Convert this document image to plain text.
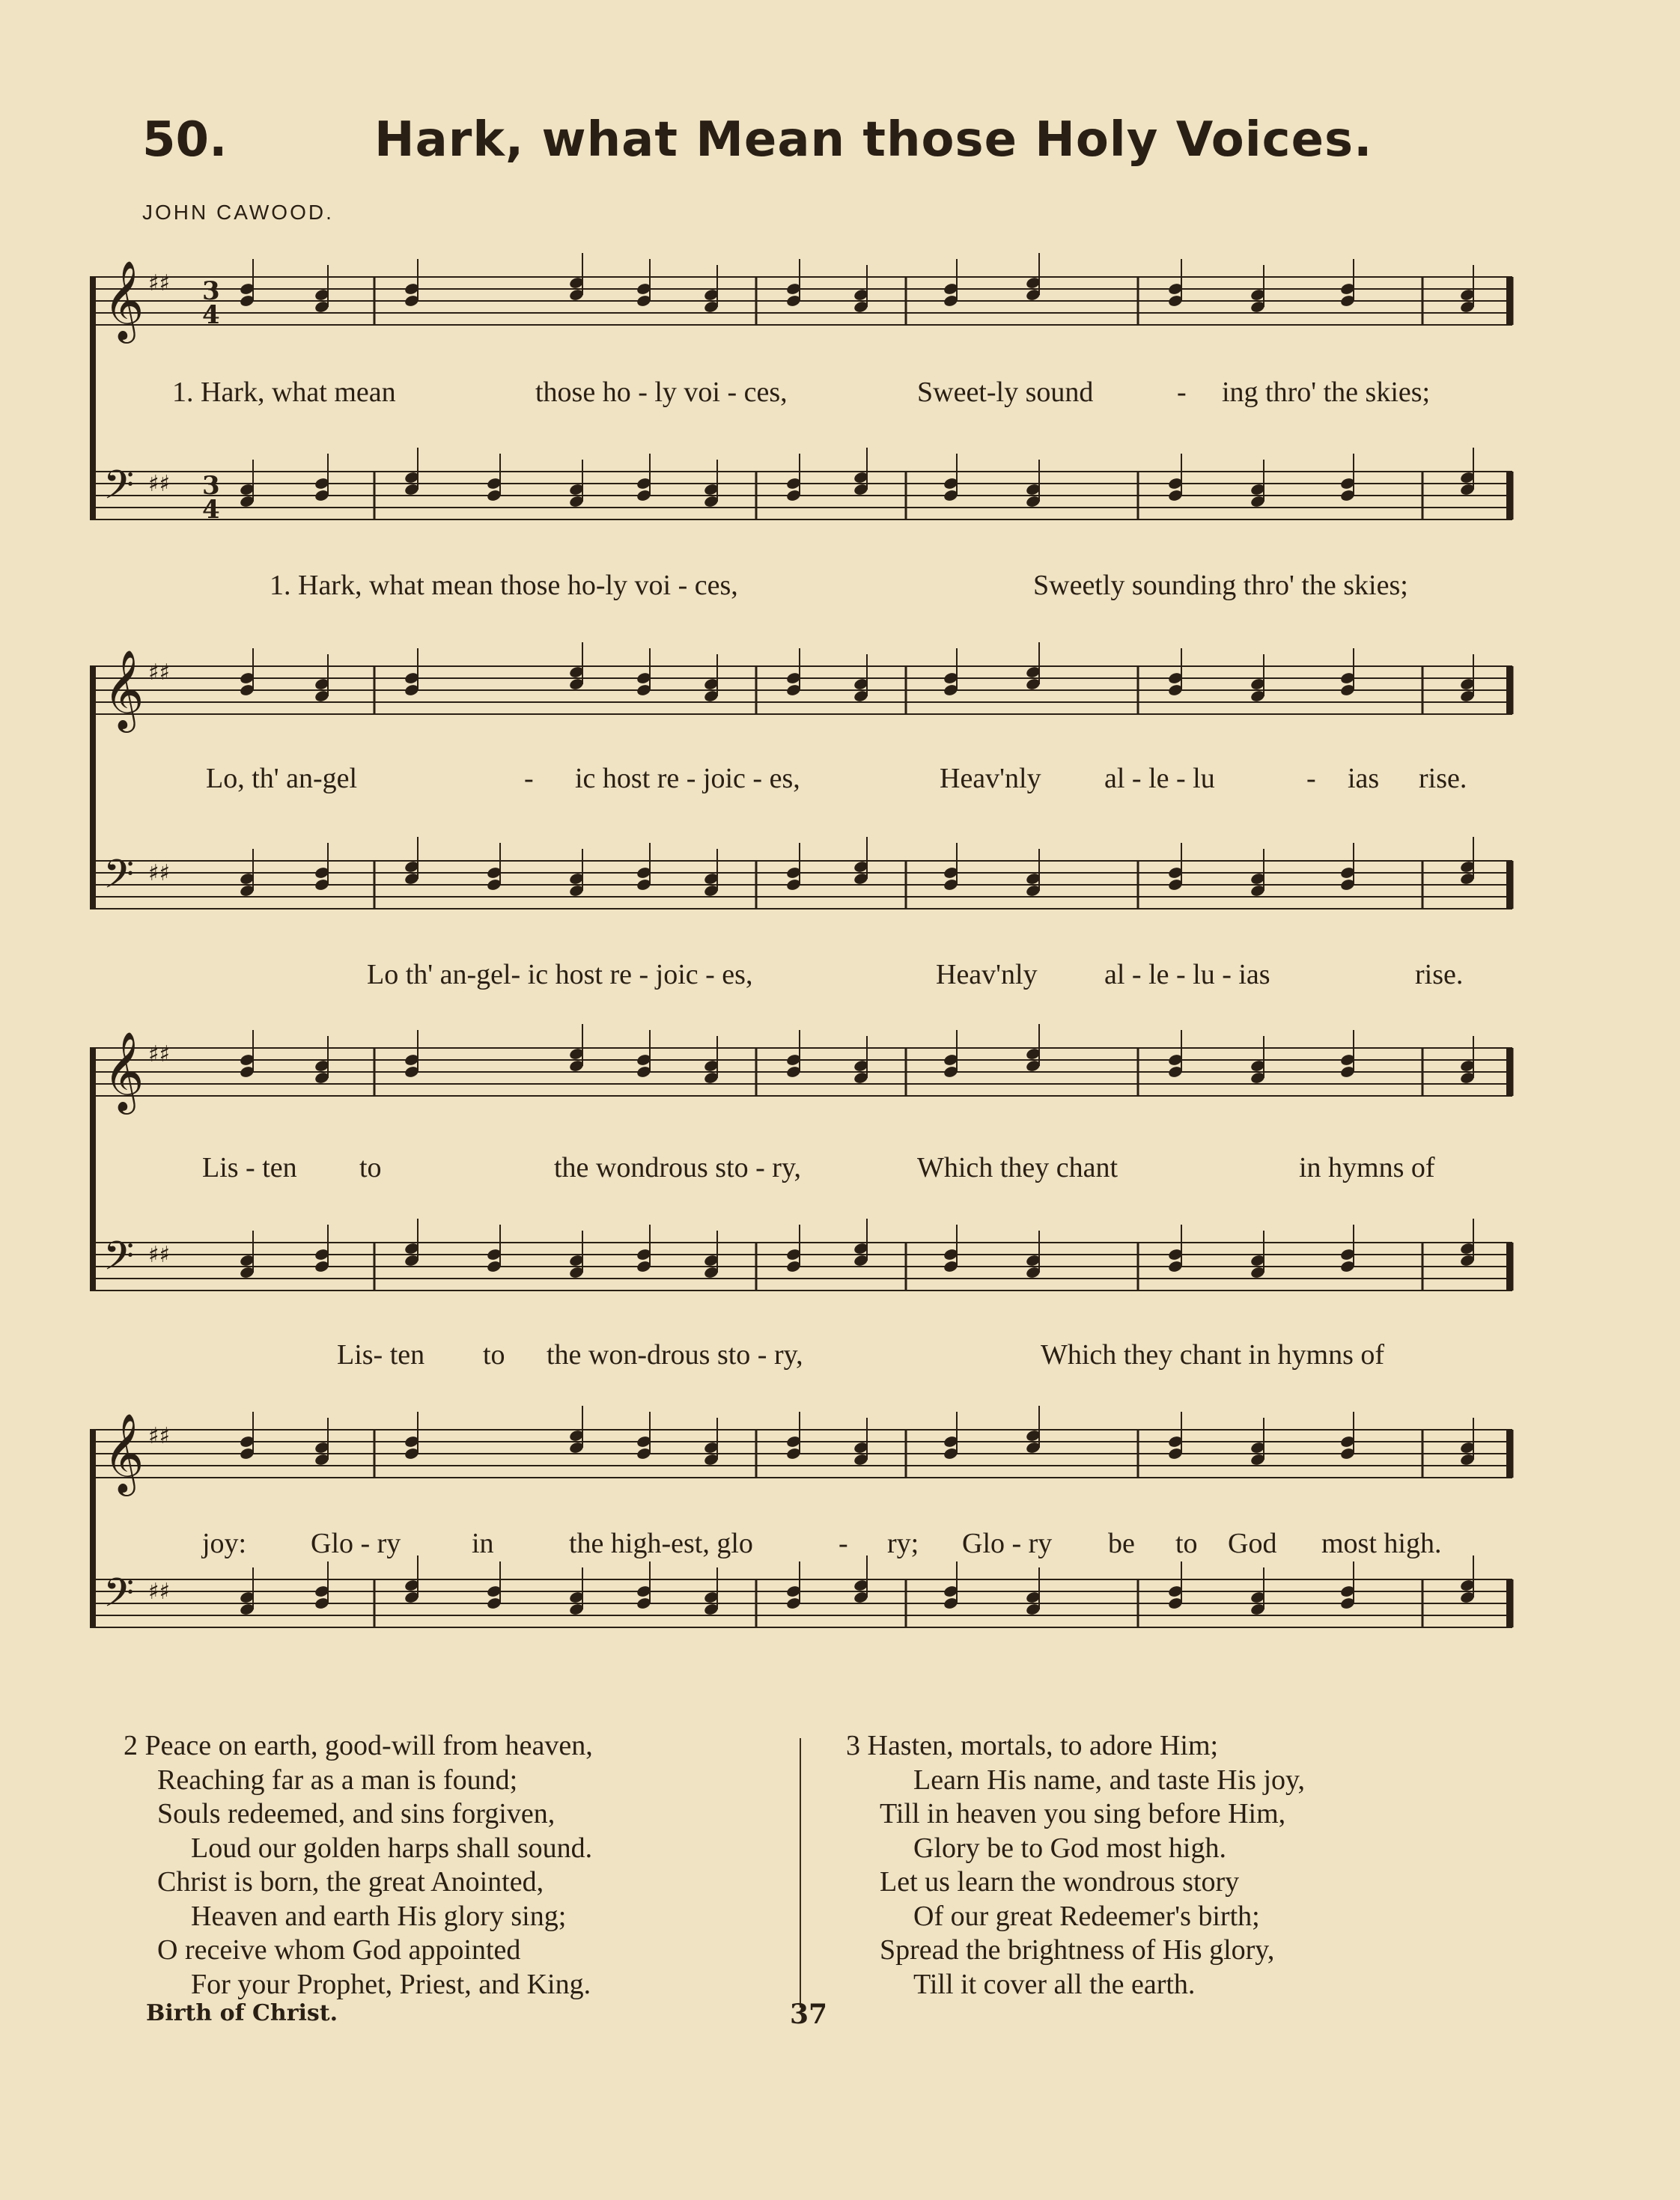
50.	Hark, what Mean those Holy Voices.
JOHN CAWOOD.
𝄞 ♯♯
𝄢 ♯♯
3
4
3
4
1. Hark, what mean	those ho - ly voi - ces,	Sweet-ly sound	- ing thro' the skies;
1. Hark, what mean those ho-ly voi - ces,	Sweetly sounding thro' the skies;
𝄞 ♯♯
𝄢 ♯♯
Lo, th' an-gel	- ic host re - joic - es,	Heav'nly al - le - lu	- ias rise.
Lo th' an-gel- ic host re - joic - es,	Heav'nly al - le - lu - ias	rise.
𝄞 ♯♯
𝄢 ♯♯
Lis - ten to	the wondrous sto - ry,	Which they chant	in hymns of
Lis- ten to the won-drous sto - ry,	Which they chant in hymns of
𝄞 ♯♯
𝄢 ♯♯
joy: Glo - ry in	the high-est, glo	- ry; Glo - ry be to God most high.
2 Peace on earth, good-will from heaven,
Reaching far as a man is found;
Souls redeemed, and sins forgiven,
Loud our golden harps shall sound.
Christ is born, the great Anointed,
Heaven and earth His glory sing;
O receive whom God appointed
For your Prophet, Priest, and King.
3 Hasten, mortals, to adore Him;
Learn His name, and taste His joy,
Till in heaven you sing before Him,
Glory be to God most high.
Let us learn the wondrous story
Of our great Redeemer's birth;
Spread the brightness of His glory,
Till it cover all the earth.
Birth of Christ.	37
